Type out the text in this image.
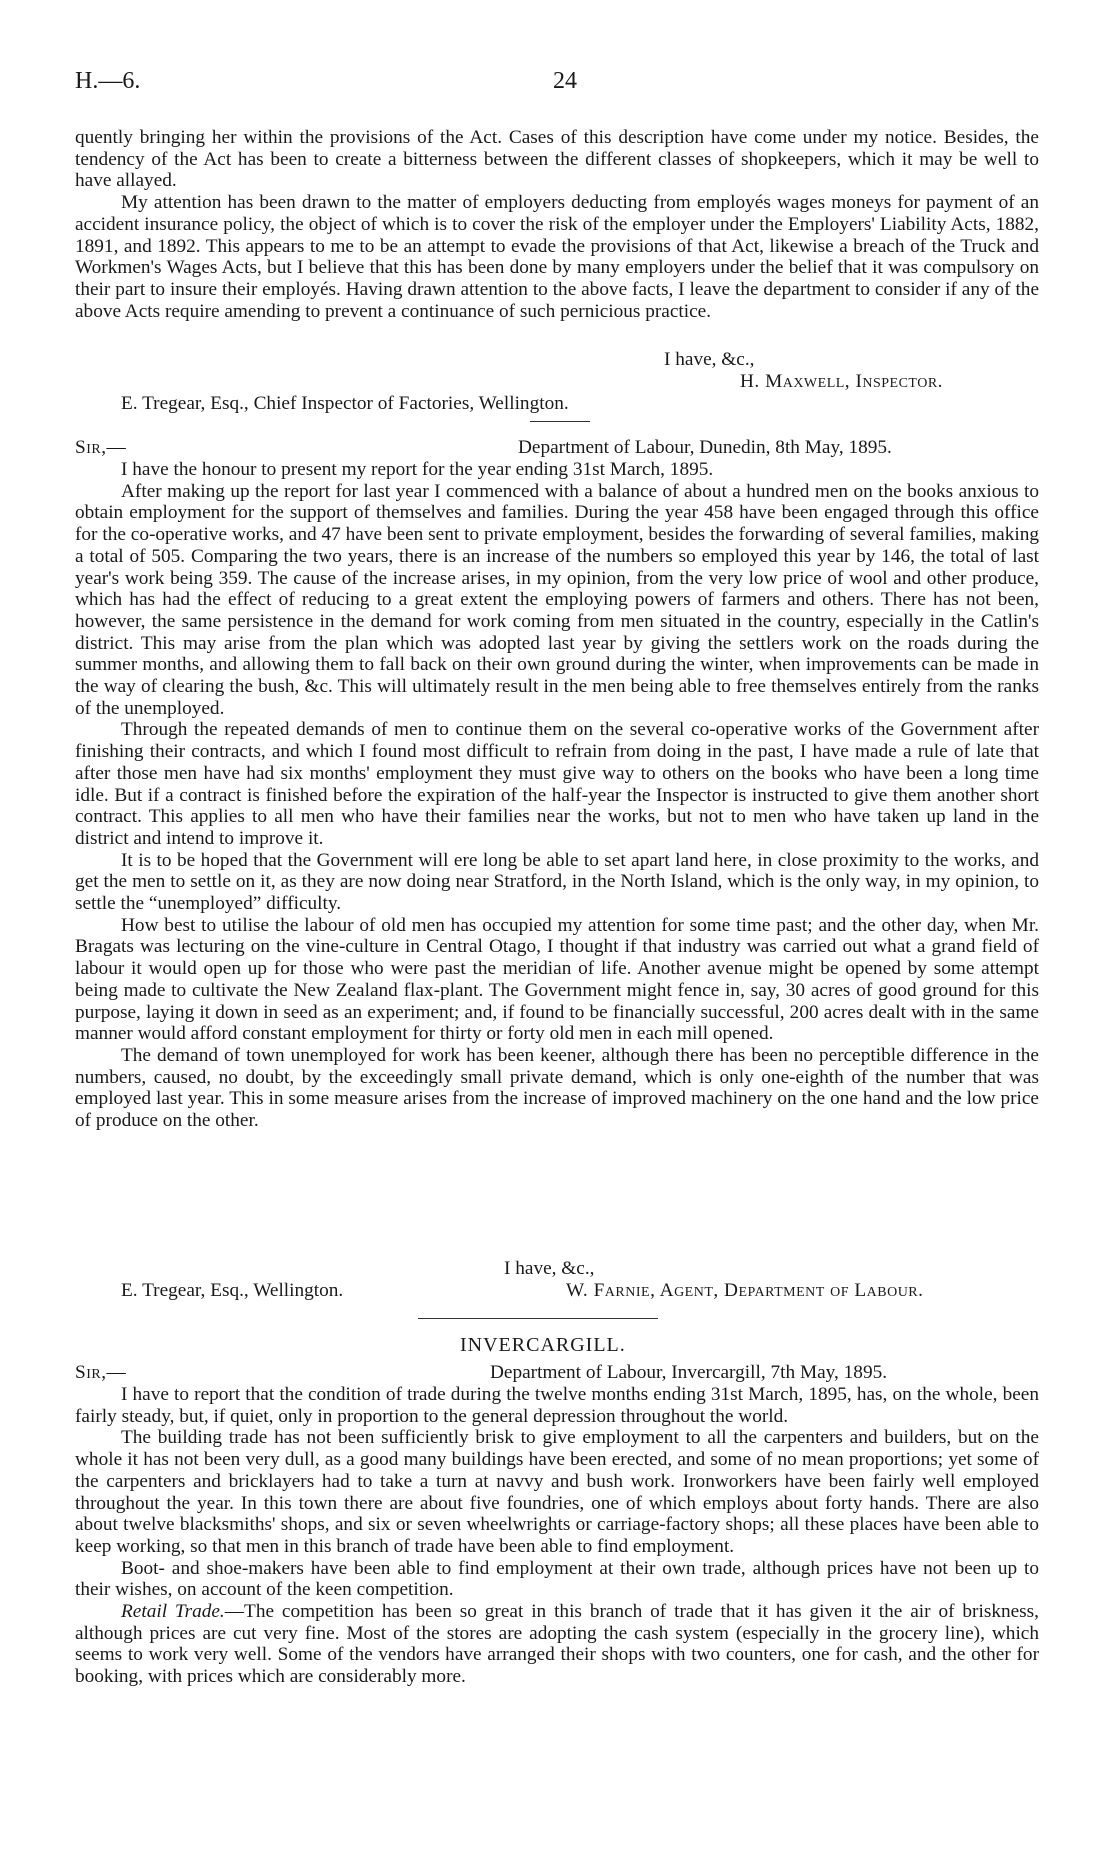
H.—6.	24

quently bringing her within the provisions of the Act. Cases of this description have come under my notice. Besides, the tendency of the Act has been to create a bitterness between the different classes of shopkeepers, which it may be well to have allayed.

My attention has been drawn to the matter of employers deducting from employés wages moneys for payment of an accident insurance policy, the object of which is to cover the risk of the employer under the Employers' Liability Acts, 1882, 1891, and 1892. This appears to me to be an attempt to evade the provisions of that Act, likewise a breach of the Truck and Workmen's Wages Acts, but I believe that this has been done by many employers under the belief that it was compulsory on their part to insure their employés. Having drawn attention to the above facts, I leave the department to consider if any of the above Acts require amending to prevent a continuance of such pernicious practice.

I have, &c.,
H. Maxwell, Inspector.
E. Tregear, Esq., Chief Inspector of Factories, Wellington.
Sir,—	Department of Labour, Dunedin, 8th May, 1895.

I have the honour to present my report for the year ending 31st March, 1895.

After making up the report for last year I commenced with a balance of about a hundred men on the books anxious to obtain employment for the support of themselves and families. During the year 458 have been engaged through this office for the co-operative works, and 47 have been sent to private employment, besides the forwarding of several families, making a total of 505. Comparing the two years, there is an increase of the numbers so employed this year by 146, the total of last year's work being 359. The cause of the increase arises, in my opinion, from the very low price of wool and other produce, which has had the effect of reducing to a great extent the employing powers of farmers and others. There has not been, however, the same persistence in the demand for work coming from men situated in the country, especially in the Catlin's district. This may arise from the plan which was adopted last year by giving the settlers work on the roads during the summer months, and allowing them to fall back on their own ground during the winter, when improvements can be made in the way of clearing the bush, &c. This will ultimately result in the men being able to free themselves entirely from the ranks of the unemployed.

Through the repeated demands of men to continue them on the several co-operative works of the Government after finishing their contracts, and which I found most difficult to refrain from doing in the past, I have made a rule of late that after those men have had six months' employment they must give way to others on the books who have been a long time idle. But if a contract is finished before the expiration of the half-year the Inspector is instructed to give them another short contract. This applies to all men who have their families near the works, but not to men who have taken up land in the district and intend to improve it.

It is to be hoped that the Government will ere long be able to set apart land here, in close proximity to the works, and get the men to settle on it, as they are now doing near Stratford, in the North Island, which is the only way, in my opinion, to settle the “unemployed” difficulty.

How best to utilise the labour of old men has occupied my attention for some time past; and the other day, when Mr. Bragats was lecturing on the vine-culture in Central Otago, I thought if that industry was carried out what a grand field of labour it would open up for those who were past the meridian of life. Another avenue might be opened by some attempt being made to cultivate the New Zealand flax-plant. The Government might fence in, say, 30 acres of good ground for this purpose, laying it down in seed as an experiment; and, if found to be financially successful, 200 acres dealt with in the same manner would afford constant employment for thirty or forty old men in each mill opened.

The demand of town unemployed for work has been keener, although there has been no perceptible difference in the numbers, caused, no doubt, by the exceedingly small private demand, which is only one-eighth of the number that was employed last year. This in some measure arises from the increase of improved machinery on the one hand and the low price of produce on the other.

I have, &c.,
E. Tregear, Esq., Wellington.	W. Farnie, Agent, Department of Labour.
INVERCARGILL.
Sir,—	Department of Labour, Invercargill, 7th May, 1895.

I have to report that the condition of trade during the twelve months ending 31st March, 1895, has, on the whole, been fairly steady, but, if quiet, only in proportion to the general depression throughout the world.

The building trade has not been sufficiently brisk to give employment to all the carpenters and builders, but on the whole it has not been very dull, as a good many buildings have been erected, and some of no mean proportions; yet some of the carpenters and bricklayers had to take a turn at navvy and bush work. Ironworkers have been fairly well employed throughout the year. In this town there are about five foundries, one of which employs about forty hands. There are also about twelve blacksmiths' shops, and six or seven wheelwrights or carriage-factory shops; all these places have been able to keep working, so that men in this branch of trade have been able to find employment.

Boot- and shoe-makers have been able to find employment at their own trade, although prices have not been up to their wishes, on account of the keen competition.

Retail Trade.—The competition has been so great in this branch of trade that it has given it the air of briskness, although prices are cut very fine. Most of the stores are adopting the cash system (especially in the grocery line), which seems to work very well. Some of the vendors have arranged their shops with two counters, one for cash, and the other for booking, with prices which are considerably more.
